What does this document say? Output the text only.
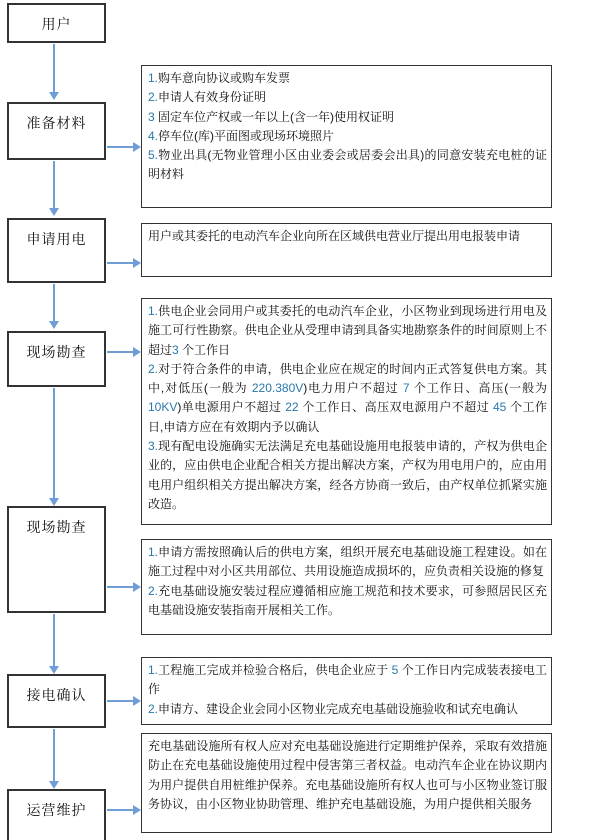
用户
准备材料
申请用电
现场勘查
现场勘查
接电确认
运营维护

1.购车意向协议或购车发票

2.申请人有效身份证明

3 固定车位产权或一年以上(含一年)使用权证明

4.停车位(库)平面图或现场环境照片

5.物业出具(无物业管理小区由业委会或居委会出具)的同意安装充电桩的证明材料

用户或其委托的电动汽车企业向所在区域供电营业厅提出用电报装申请

1.供电企业会同用户或其委托的电动汽车企业，小区物业到现场进行用电及施工可行性勘察。供电企业从受理申请到具备实地勘察条件的时间原则上不超过3 个工作日

2.对于符合条件的申请，供电企业应在规定的时间内正式答复供电方案。其中,对低压(一般为 220.380V)电力用户不超过 7 个工作日、高压(一般为 10KV)单电源用户不超过 22 个工作日、高压双电源用户不超过 45 个工作日,申请方应在有效期内予以确认

3.现有配电设施确实无法满足充电基础设施用电报装申请的，产权为供电企业的，应由供电企业配合相关方提出解决方案，产权为用电用户的，应由用电用户组织相关方提出解决方案，经各方协商一致后，由产权单位抓紧实施改造。

1.申请方需按照确认后的供电方案，组织开展充电基础设施工程建设。如在施工过程中对小区共用部位、共用设施造成损坏的，应负责相关设施的修复

2.充电基础设施安装过程应遵循相应施工规范和技术要求，可参照居民区充电基础设施安装指南开展相关工作。

1.工程施工完成并检验合格后，供电企业应于 5 个工作日内完成装表接电工作

2.申请方、建设企业会同小区物业完成充电基础设施验收和试充电确认

充电基础设施所有权人应对充电基础设施进行定期维护保养，采取有效措施防止在充电基础设施使用过程中侵害第三者权益。电动汽车企业在协议期内为用户提供自用桩维护保养。充电基础设施所有权人也可与小区物业签订服务协议，由小区物业协助管理、维护充电基础设施，为用户提供相关服务
